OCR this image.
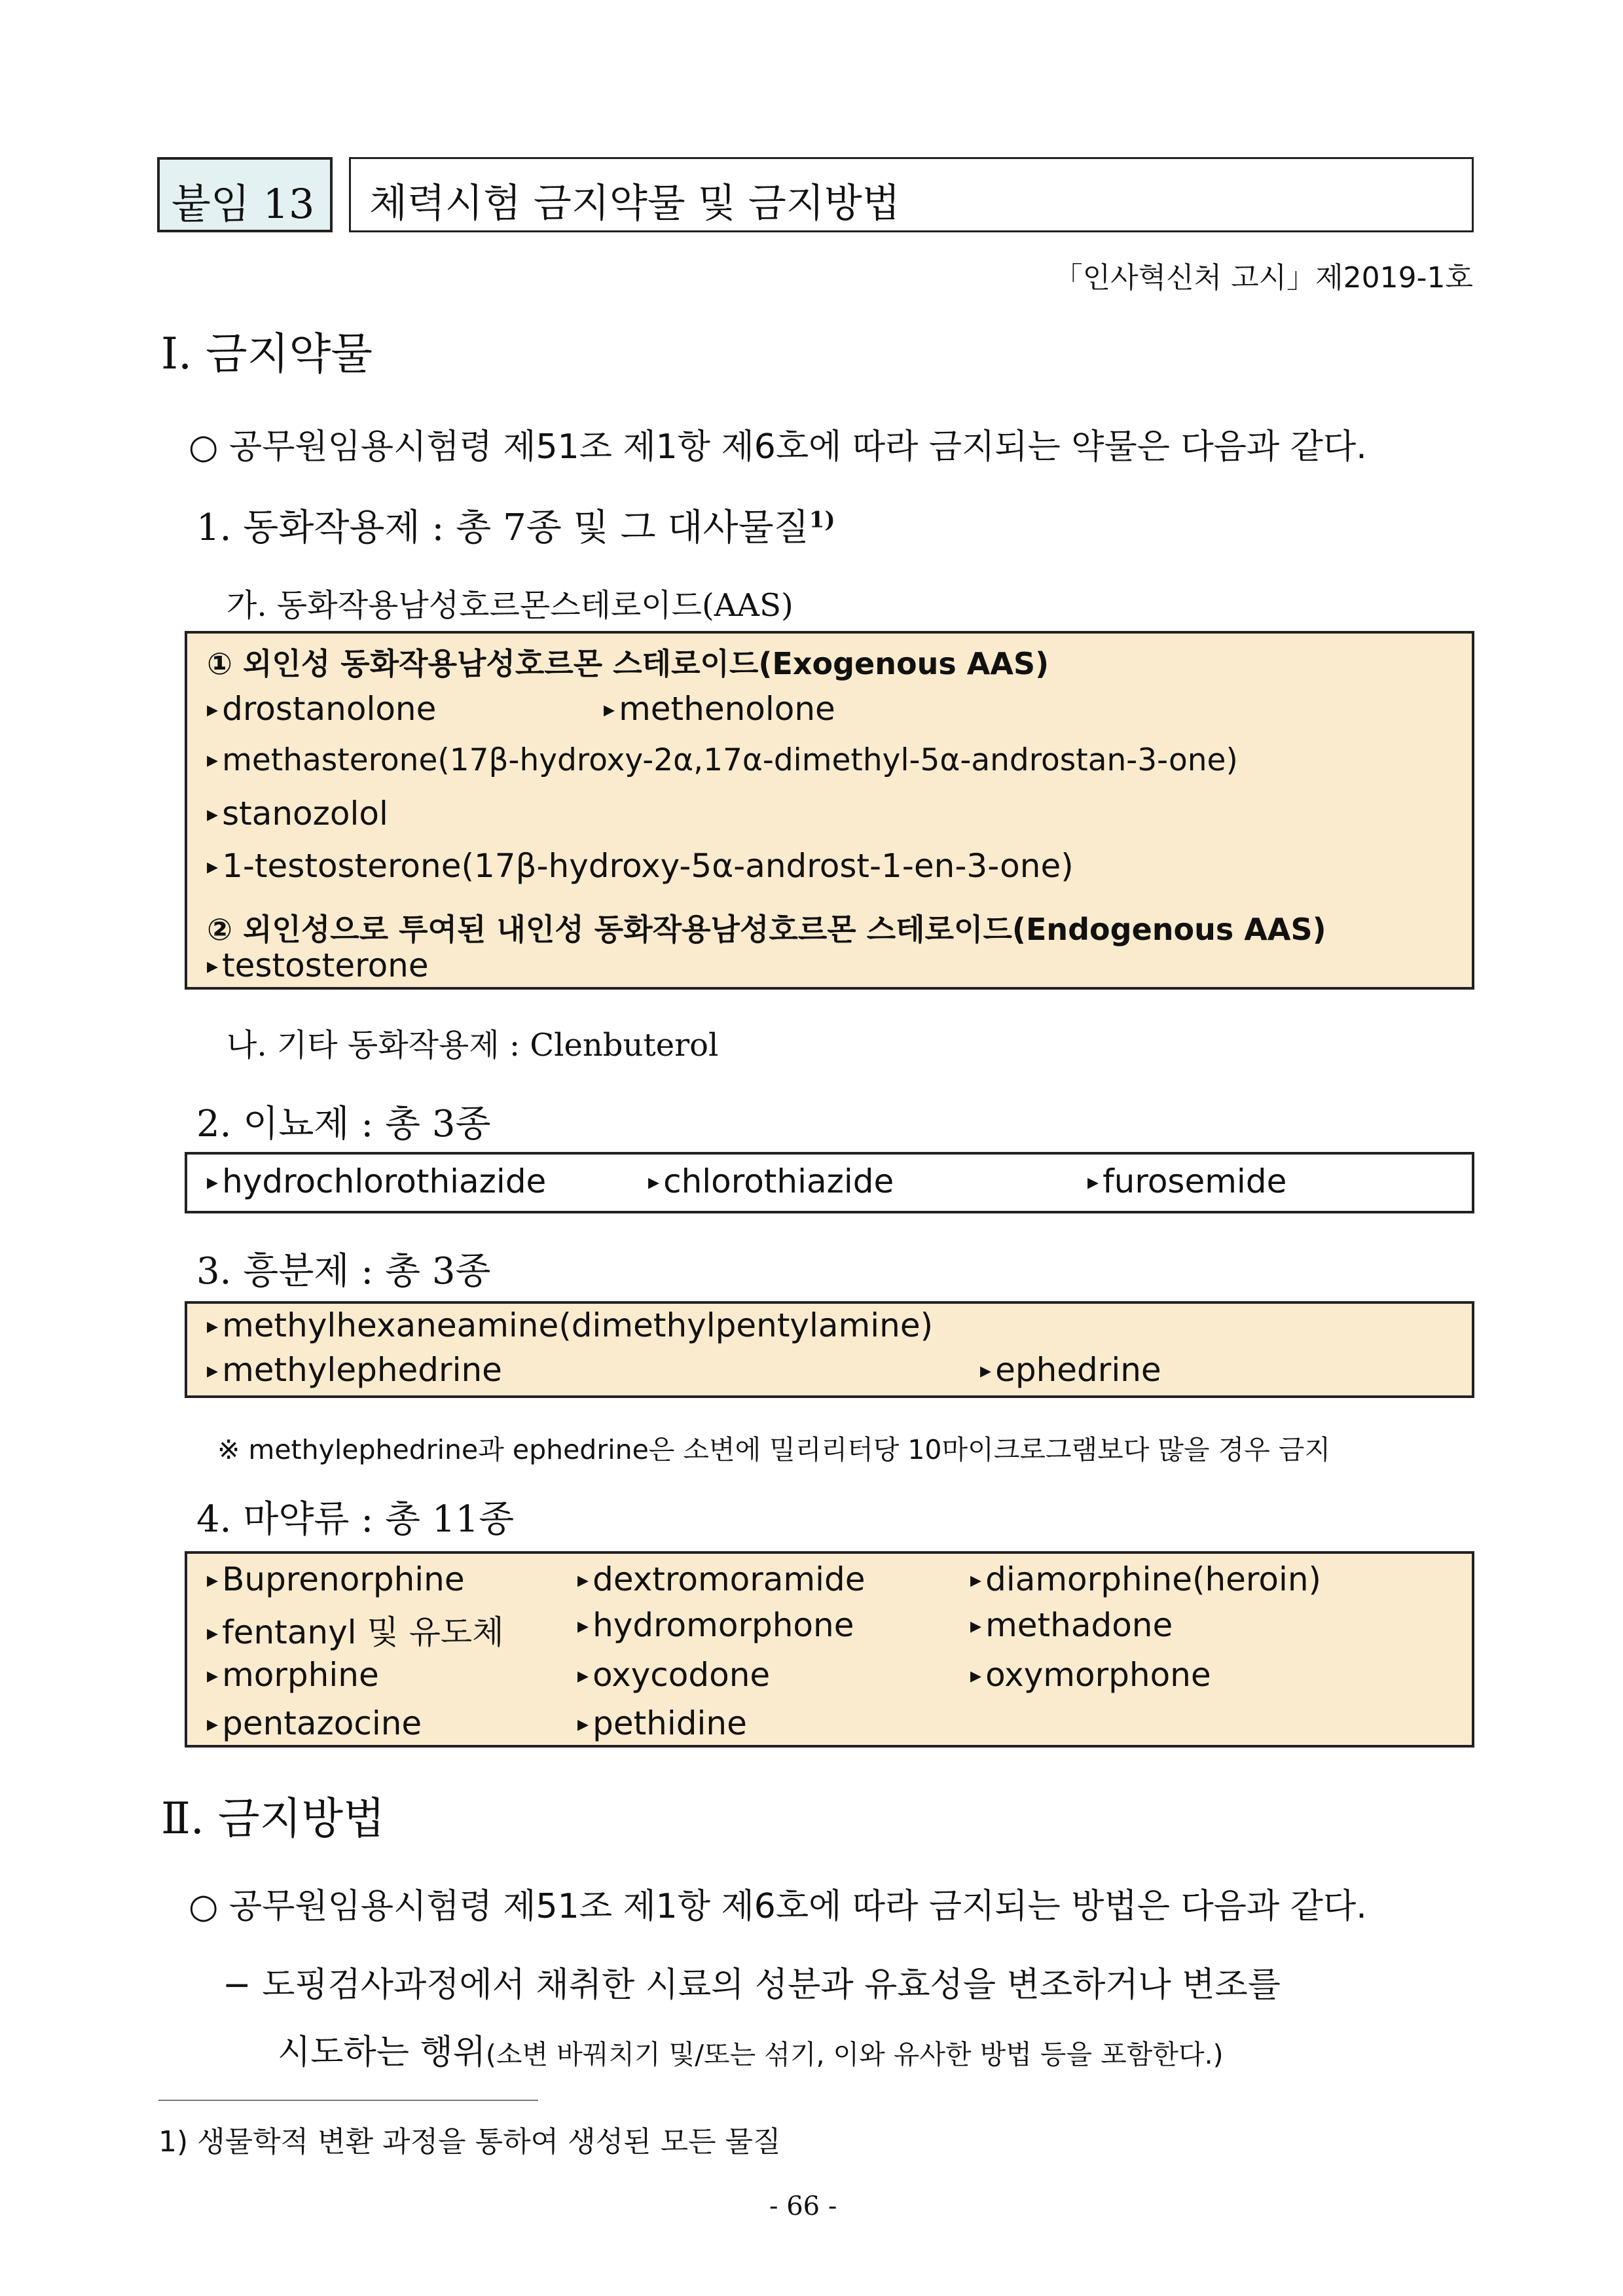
붙임 13 체력시험 금지약물 및 금지방법
「인사혁신처 고시」제2019-1호
Ⅰ. 금지약물
○ 공무원임용시험령 제51조 제1항 제6호에 따라 금지되는 약물은 다음과 같다.
1. 동화작용제 : 총 7종 및 그 대사물질$^{1)}$
가. 동화작용남성호르몬스테로이드(AAS)
① 외인성 동화작용남성호르몬 스테로이드(Exogenous AAS)
▸ drostanolone	▸ methenolone
▸ methasterone(17β-hydroxy-2α,17α-dimethyl-5α-androstan-3-one)
▸ stanozolol
▸ 1-testosterone(17β-hydroxy-5α-androst-1-en-3-one)
② 외인성으로 투여된 내인성 동화작용남성호르몬 스테로이드(Endogenous AAS)
▸ testosterone
나. 기타 동화작용제 : Clenbuterol
2. 이뇨제 : 총 3종
▸ hydrochlorothiazide	▸ chlorothiazide	▸ furosemide
3. 흥분제 : 총 3종
▸ methylhexaneamine(dimethylpentylamine)
▸ methylephedrine	▸ ephedrine
※ methylephedrine과 ephedrine은 소변에 밀리리터당 10마이크로그램보다 많을 경우 금지
4. 마약류 : 총 11종
▸ Buprenorphine	▸ dextromoramide	▸ diamorphine(heroin)
▸ fentanyl 및 유도체	▸ hydromorphone	▸ methadone
▸ morphine	▸ oxycodone	▸ oxymorphone
▸ pentazocine	▸ pethidine
Ⅱ. 금지방법
○ 공무원임용시험령 제51조 제1항 제6호에 따라 금지되는 방법은 다음과 같다.
− 도핑검사과정에서 채취한 시료의 성분과 유효성을 변조하거나 변조를
시도하는 행위(소변 바꿔치기 및/또는 섞기, 이와 유사한 방법 등을 포함한다.)
1) 생물학적 변환 과정을 통하여 생성된 모든 물질
- 66 -
